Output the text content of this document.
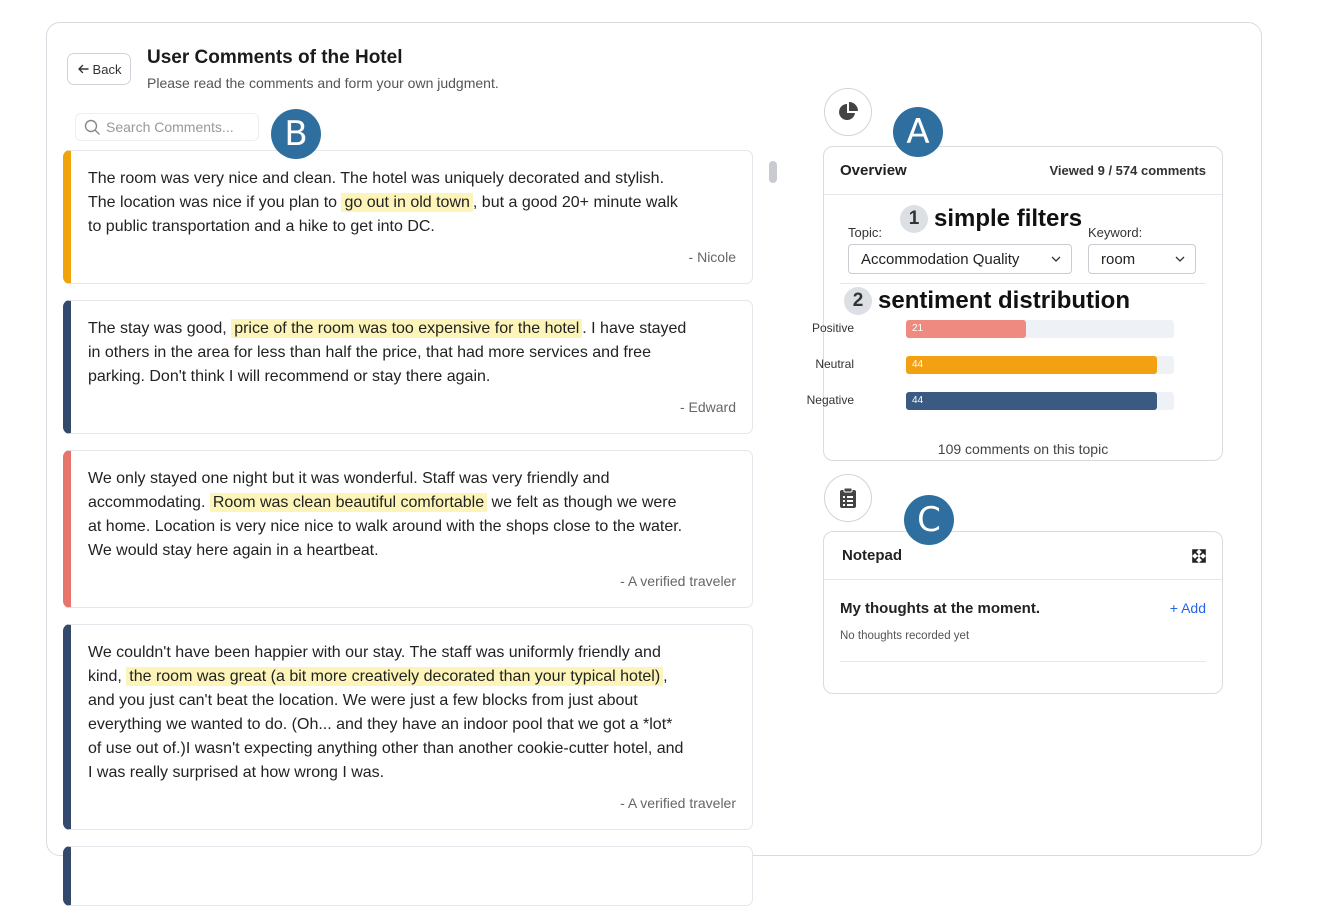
Back
User Comments of the Hotel
Please read the comments and form your own judgment.
Search Comments...
B
The room was very nice and clean. The hotel was uniquely decorated and stylish. The location was nice if you plan to go out in old town , but a good 20+ minute walk to public transportation and a hike to get into DC.
- Nicole
The stay was good, price of the room was too expensive for the hotel . I have stayed in others in the area for less than half the price, that had more services and free parking. Don't think I will recommend or stay there again.
- Edward
We only stayed one night but it was wonderful. Staff was very friendly and accommodating. Room was clean beautiful comfortable we felt as though we were at home. Location is very nice nice to walk around with the shops close to the water. We would stay here again in a heartbeat.
- A verified traveler
We couldn't have been happier with our stay. The staff was uniformly friendly and kind, the room was great (a bit more creatively decorated than your typical hotel) , and you just can't beat the location. We were just a few blocks from just about everything we wanted to do. (Oh... and they have an indoor pool that we got a *lot* of use out of.)I wasn't expecting anything other than another cookie-cutter hotel, and I was really surprised at how wrong I was.
- A verified traveler
A
Overview	Viewed 9 / 574 comments
1 simple filters
Topic:	Keyword:
Accommodation Quality	room
2 sentiment distribution
Positive	21
Neutral	44
Negative	44
109 comments on this topic
C
Notepad
My thoughts at the moment.	+ Add
No thoughts recorded yet
